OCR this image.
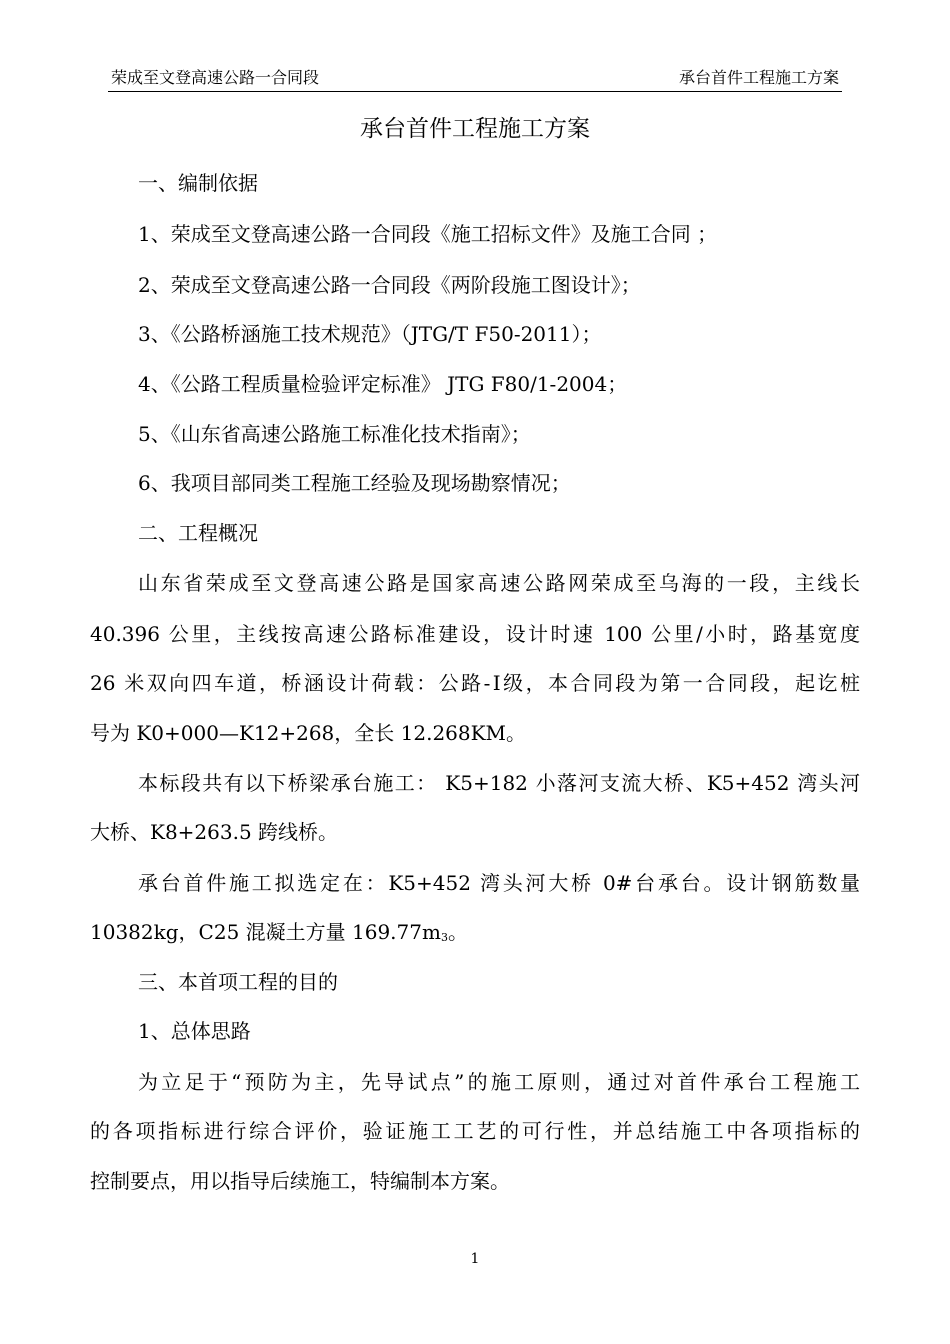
荣成至文登高速公路一合同段	承台首件工程施工方案
承台首件工程施工方案

一、编制依据

1、荣成至文登高速公路一合同段《施工招标文件》及施工合同 ；

2、荣成至文登高速公路一合同段《两阶段施工图设计》；

3、《公路桥涵施工技术规范》（JTG/T F50-2011）；

4、《公路工程质量检验评定标准》 JTG F80/1-2004；

5、《山东省高速公路施工标准化技术指南》；

6、我项目部同类工程施工经验及现场勘察情况；

二、工程概况

山东省荣成至文登高速公路是国家高速公路网荣成至乌海的一段，主线长

40.396 公里，主线按高速公路标准建设，设计时速 100 公里/小时，路基宽度

26 米双向四车道，桥涵设计荷载：公路-Ⅰ级，本合同段为第一合同段，起讫桩

号为 K0+000—K12+268，全长 12.268KM。

本标段共有以下桥梁承台施工： K5+182 小落河支流大桥、K5+452 湾头河

大桥、K8+263.5 跨线桥。

承台首件施工拟选定在：K5+452 湾头河大桥 0#台承台。设计钢筋数量

10382kg，C25 混凝土方量 169.77m3。

三、本首项工程的目的

1、总体思路

为立足于“预防为主，先导试点”的施工原则，通过对首件承台工程施工

的各项指标进行综合评价，验证施工工艺的可行性，并总结施工中各项指标的

控制要点，用以指导后续施工，特编制本方案。

1
